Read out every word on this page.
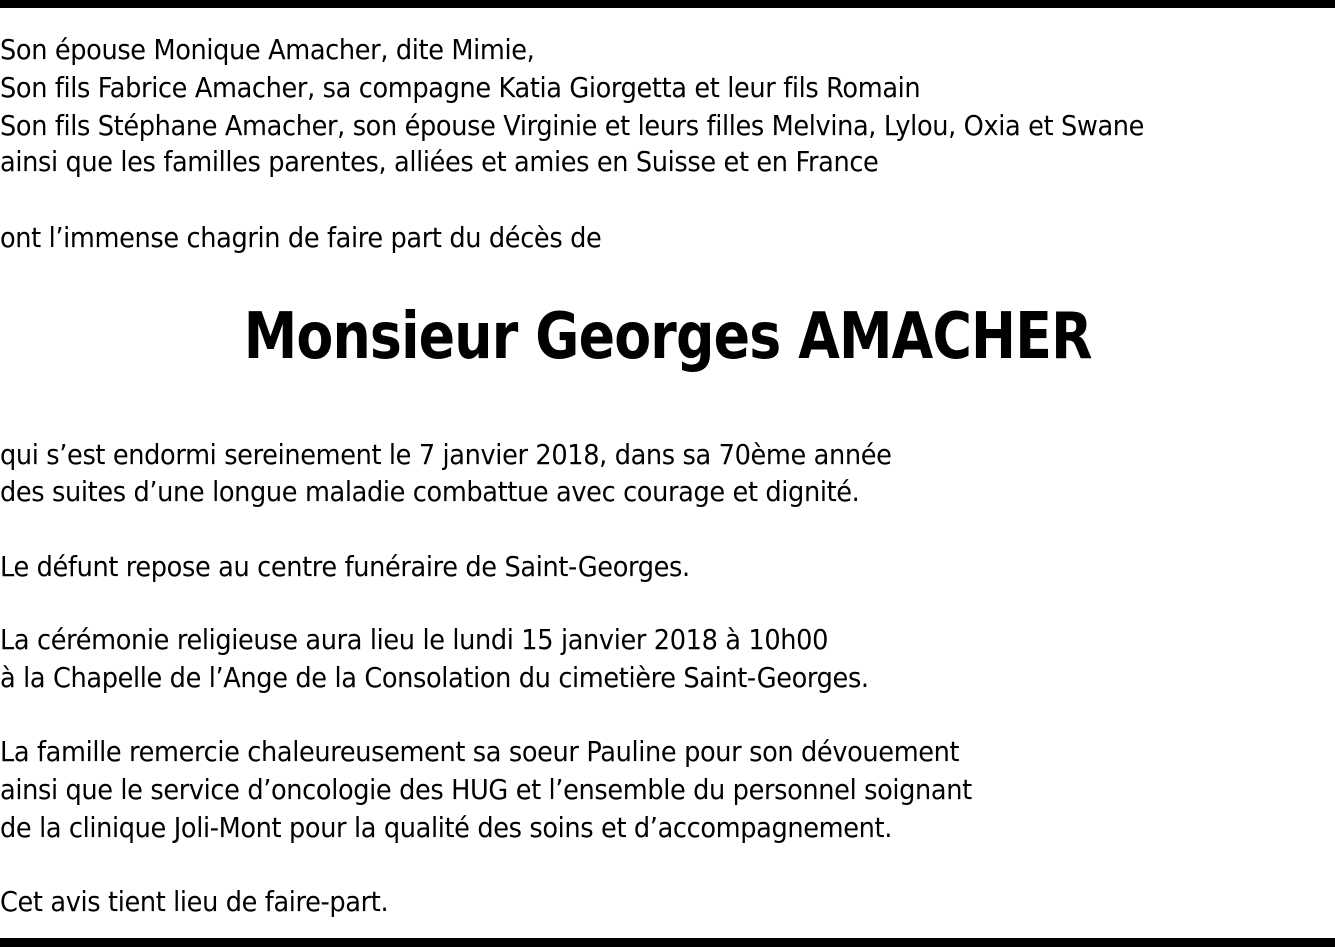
Son épouse Monique Amacher, dite Mimie,
Son fils Fabrice Amacher, sa compagne Katia Giorgetta et leur fils Romain
Son fils Stéphane Amacher, son épouse Virginie et leurs filles Melvina, Lylou, Oxia et Swane
ainsi que les familles parentes, alliées et amies en Suisse et en France
ont l’immense chagrin de faire part du décès de
Monsieur Georges AMACHER
qui s’est endormi sereinement le 7 janvier 2018, dans sa 70ème année
des suites d’une longue maladie combattue avec courage et dignité.
Le défunt repose au centre funéraire de Saint-Georges.
La cérémonie religieuse aura lieu le lundi 15 janvier 2018 à 10h00
à la Chapelle de l’Ange de la Consolation du cimetière Saint-Georges.
La famille remercie chaleureusement sa soeur Pauline pour son dévouement
ainsi que le service d’oncologie des HUG et l’ensemble du personnel soignant
de la clinique Joli-Mont pour la qualité des soins et d’accompagnement.
Cet avis tient lieu de faire-part.
